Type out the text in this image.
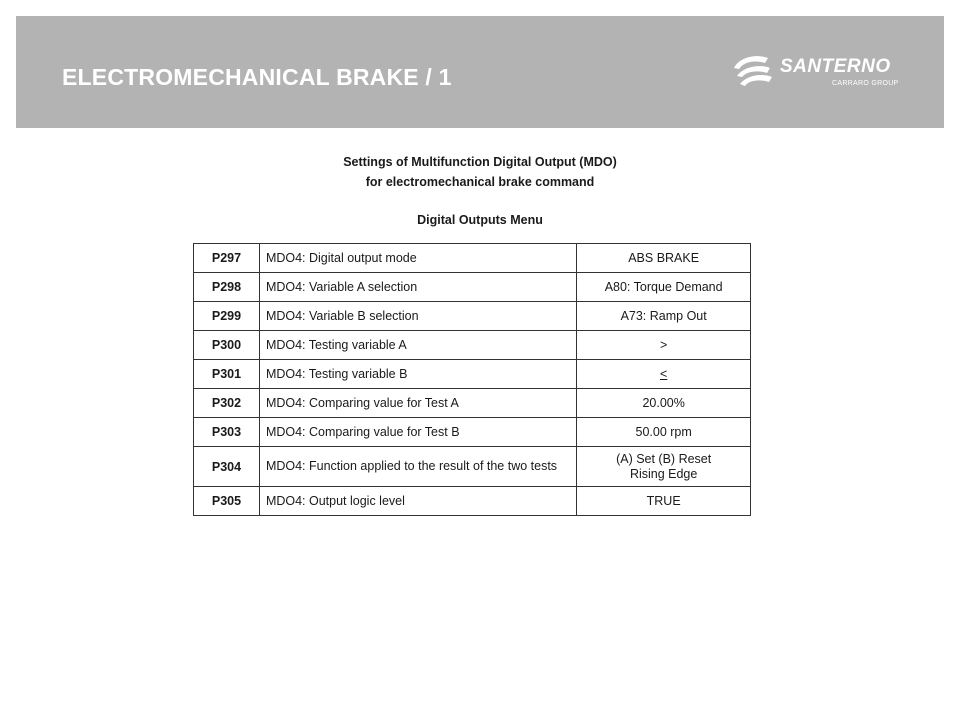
ELECTROMECHANICAL BRAKE / 1	SANTERNO
CARRARO GROUP
Settings of Multifunction Digital Output (MDO)
for electromechanical brake command
Digital Outputs Menu
P297	MDO4: Digital output mode	ABS BRAKE
P298	MDO4: Variable A selection	A80: Torque Demand
P299	MDO4: Variable B selection	A73: Ramp Out
P300	MDO4: Testing variable A	>
P301	MDO4: Testing variable B	<
P302	MDO4: Comparing value for Test A	20.00%
P303	MDO4: Comparing value for Test B	50.00 rpm
P304	MDO4: Function applied to the result of the two tests	(A) Set (B) Reset
Rising Edge

P305	MDO4: Output logic level	TRUE
